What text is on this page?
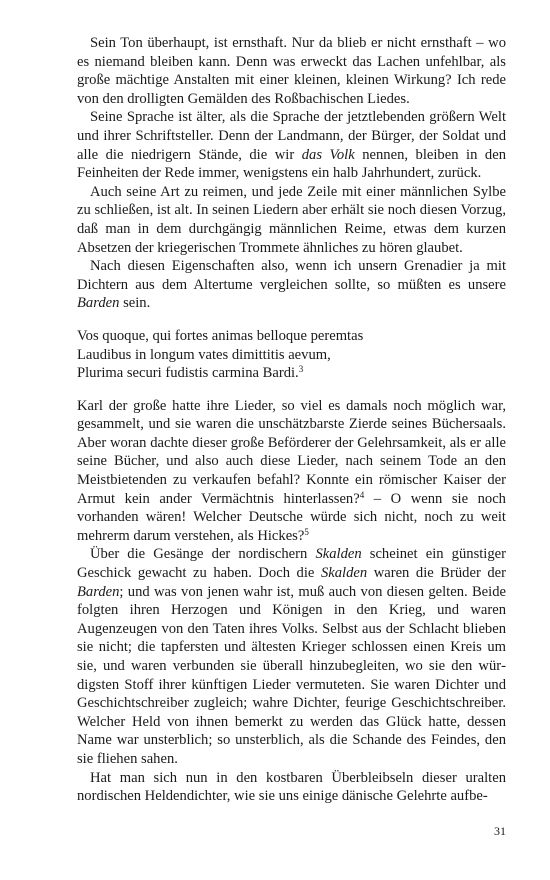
Sein Ton überhaupt, ist ernsthaft. Nur da blieb er nicht ernsthaft – wo es niemand bleiben kann. Denn was erweckt das Lachen unfehlbar, als große mächtige Anstalten mit einer kleinen, kleinen Wirkung? Ich rede von den drolligten Gemälden des Roßbachischen Liedes.

Seine Sprache ist älter, als die Sprache der jetztlebenden größern Welt und ihrer Schriftsteller. Denn der Landmann, der Bürger, der Soldat und alle die niedrigern Stände, die wir das Volk nennen, bleiben in den Feinheiten der Rede immer, wenigstens ein halb Jahrhundert, zurück.

Auch seine Art zu reimen, und jede Zeile mit einer männlichen Sylbe zu schließen, ist alt. In seinen Liedern aber erhält sie noch diesen Vorzug, daß man in dem durchgängig männlichen Reime, etwas dem kurzen Absetzen der kriegerischen Trommete ähnliches zu hören glaubet.

Nach diesen Eigenschaften also, wenn ich unsern Grenadier ja mit Dichtern aus dem Altertume vergleichen sollte, so müßten es unsere Barden sein.

Vos quoque, qui fortes animas belloque peremtas
Laudibus in longum vates dimittitis aevum,
Plurima securi fudistis carmina Bardi.$^3$

Karl der große hatte ihre Lieder, so viel es damals noch möglich war, gesammelt, und sie waren die unschätzbarste Zierde seines Büchersaals. Aber woran dachte dieser große Beförderer der Gelehrsamkeit, als er alle seine Bücher, und also auch diese Lieder, nach seinem Tode an den Meistbietenden zu verkaufen befahl? Konnte ein römischer Kaiser der Armut kein ander Vermächtnis hinterlassen?$^4$ – O wenn sie noch vorhanden wären! Welcher Deutsche würde sich nicht, noch zu weit mehrerm darum verstehen, als Hickes?$^5$

Über die Gesänge der nordischern Skalden scheinet ein günstiger Geschick gewacht zu haben. Doch die Skalden waren die Brüder der Barden; und was von jenen wahr ist, muß auch von diesen gelten. Beide folgten ihren Herzogen und Königen in den Krieg, und waren Augenzeugen von den Taten ihres Volks. Selbst aus der Schlacht blieben sie nicht; die tapfersten und ältesten Krieger schlossen einen Kreis um sie, und waren verbunden sie überall hinzubegleiten, wo sie den würdigsten Stoff ihrer künftigen Lieder vermuteten. Sie waren Dichter und Geschichtschreiber zugleich; wahre Dichter, feurige Geschichtschreiber. Welcher Held von ihnen bemerkt zu werden das Glück hatte, dessen Name war unsterblich; so unsterblich, als die Schande des Feindes, den sie fliehen sahen.

Hat man sich nun in den kostbaren Überbleibseln dieser uralten nordischen Heldendichter, wie sie uns einige dänische Gelehrte aufbe-

31
